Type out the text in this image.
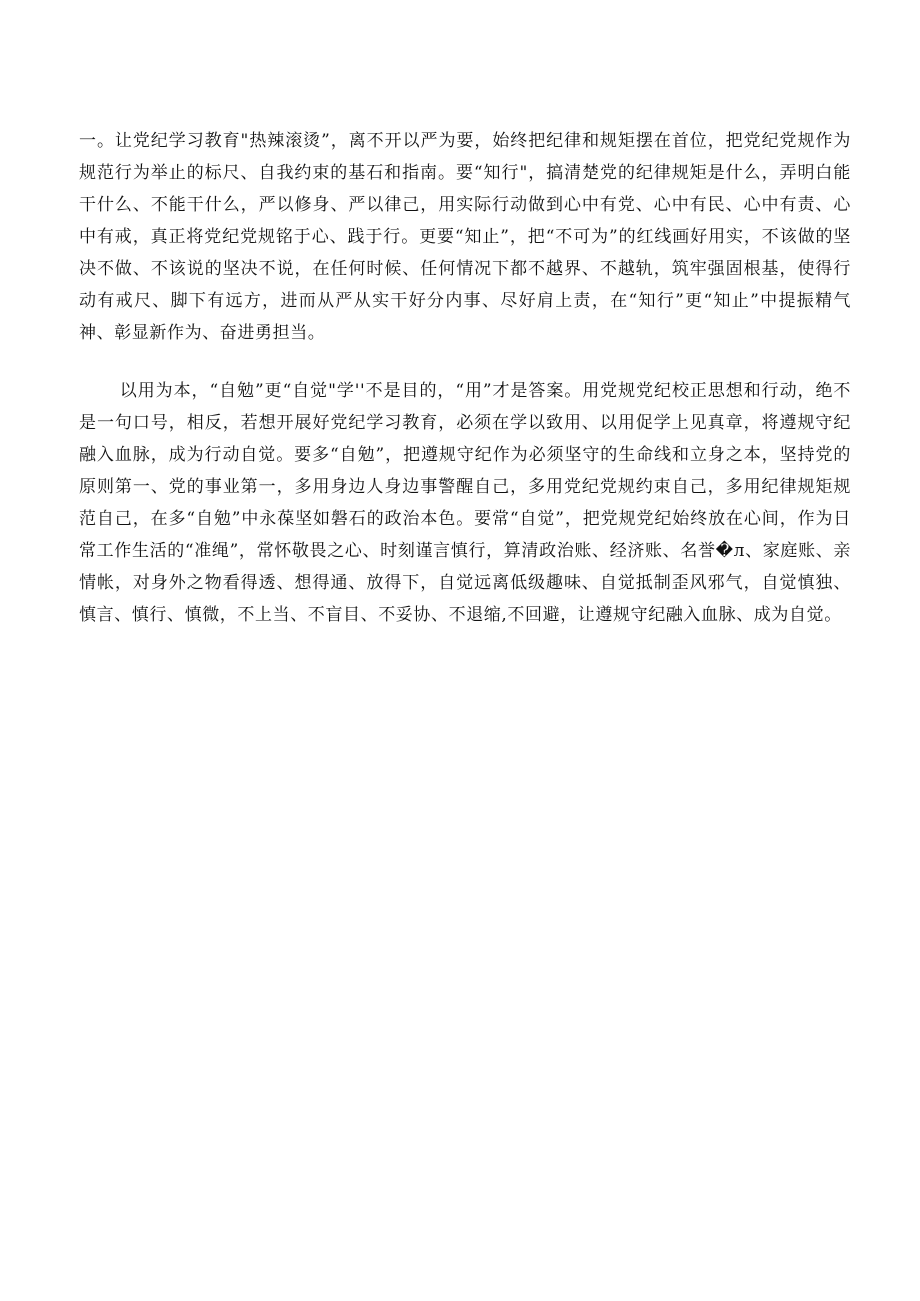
一。让党纪学习教育"热辣滚烫”，离不开以严为要，始终把纪律和规矩摆在首位，把党纪党规作为规范行为举止的标尺、自我约束的基石和指南。要“知行"，搞清楚党的纪律规矩是什么，弄明白能干什么、不能干什么，严以修身、严以律己，用实际行动做到心中有党、心中有民、心中有责、心中有戒，真正将党纪党规铭于心、践于行。更要“知止”，把“不可为”的红线画好用实，不该做的坚决不做、不该说的坚决不说，在任何时候、任何情况下都不越界、不越轨，筑牢强固根基，使得行动有戒尺、脚下有远方，进而从严从实干好分内事、尽好肩上责，在“知行”更“知止”中提振精气神、彰显新作为、奋进勇担当。

以用为本，“自勉”更“自觉"学''不是目的，“用”才是答案。用党规党纪校正思想和行动，绝不是一句口号，相反，若想开展好党纪学习教育，必须在学以致用、以用促学上见真章，将遵规守纪融入血脉，成为行动自觉。要多“自勉”，把遵规守纪作为必须坚守的生命线和立身之本，坚持党的原则第一、党的事业第一，多用身边人身边事警醒自己，多用党纪党规约束自己，多用纪律规矩规范自己，在多“自勉”中永葆坚如磐石的政治本色。要常“自觉”，把党规党纪始终放在心间，作为日常工作生活的“准绳”，常怀敬畏之心、时刻谨言慎行，算清政治账、经济账、名誉�л、家庭账、亲情帐，对身外之物看得透、想得通、放得下，自觉远离低级趣味、自觉抵制歪风邪气，自觉慎独、慎言、慎行、慎微，不上当、不盲目、不妥协、不退缩,不回避，让遵规守纪融入血脉、成为自觉。
